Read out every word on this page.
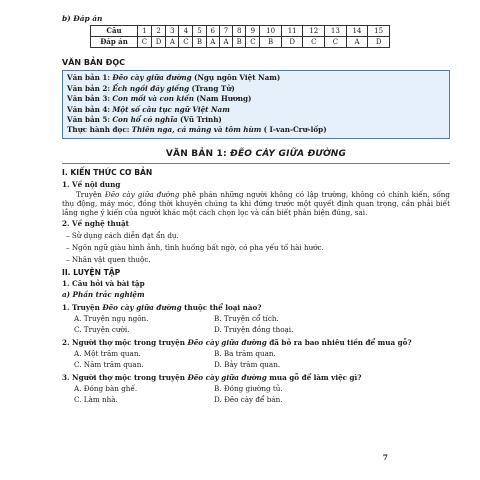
b) Đáp án
Câu	1	2	3	4	5	6	7	8	9	10	11	12	13	14	15
Đáp án	C	D	A	C	B	A	A	B	C	B	D	C	C	A	D
VĂN BẢN ĐỌC
Văn bản 1: Đẽo cày giữa đường (Ngụ ngôn Việt Nam)
Văn bản 2: Ếch ngồi đáy giếng (Trang Tử)
Văn bản 3: Con mối và con kiến (Nam Hương)
Văn bản 4: Một số câu tục ngữ Việt Nam
Văn bản 5: Con hổ có nghĩa (Vũ Trinh)
Thực hành đọc: Thiên nga, cá măng và tôm hùm ( I-van-Crư-lốp)
VĂN BẢN 1: ĐẼO CÀY GIỮA ĐƯỜNG
I. KIẾN THỨC CƠ BẢN
1. Về nội dung
Truyện Đẽo cày giữa đường phê phán những người không có lập trường, không có chính kiến, sống thụ động, máy móc, đồng thời khuyên chúng ta khi đứng trước một quyết định quan trọng, cần phải biết lắng nghe ý kiến của người khác một cách chọn lọc và cần biết phản biện đúng, sai.
2. Về nghệ thuật
– Sử dụng cách diễn đạt ẩn dụ.
– Ngôn ngữ giàu hình ảnh, tình huống bất ngờ, có pha yếu tố hài hước.
– Nhân vật quen thuộc.
II. LUYỆN TẬP
1. Câu hỏi và bài tập
a) Phần trắc nghiệm
1. Truyện Đẽo cày giữa đường thuộc thể loại nào?
A. Truyện ngụ ngôn.	B. Truyện cổ tích.
C. Truyện cười.	D. Truyện đồng thoại.
2. Người thợ mộc trong truyện Đẽo cày giữa đường đã bỏ ra bao nhiêu tiền để mua gỗ?
A. Một trăm quan.	B. Ba trăm quan.
C. Năm trăm quan.	D. Bảy trăm quan.
3. Người thợ mộc trong truyện Đẽo cày giữa đường mua gỗ để làm việc gì?
A. Đóng bàn ghế.	B. Đóng giường tủ.
C. Làm nhà.	D. Đẽo cày để bán.
7
